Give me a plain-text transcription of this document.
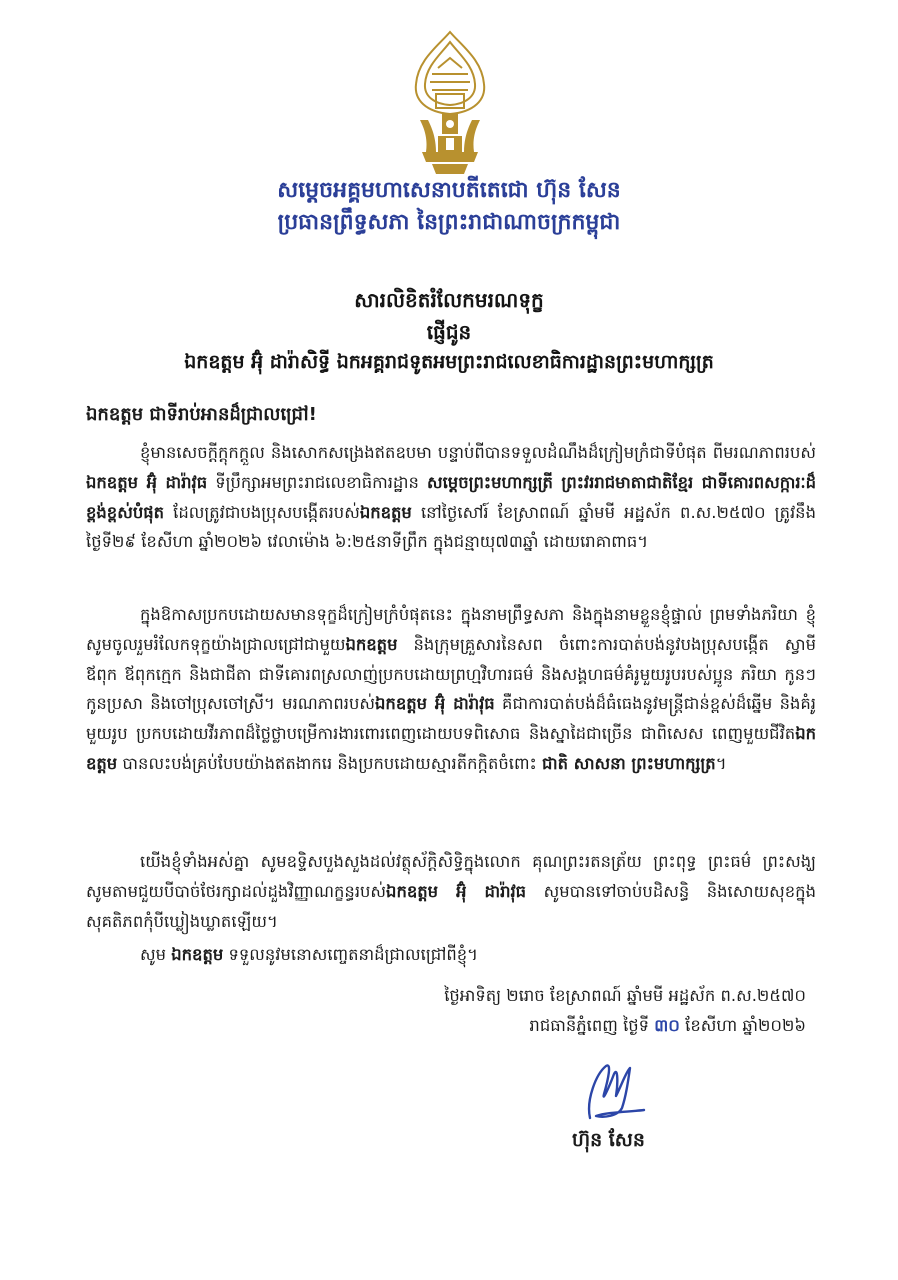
សម្តេចអគ្គមហាសេនាបតីតេជោ ហ៊ុន សែន
ប្រធានព្រឹទ្ធសភា នៃព្រះរាជាណាចក្រកម្ពុជា
សារលិខិតរំលែកមរណទុក្ខ
ផ្ញើជូន
ឯកឧត្តម អ៊ុំ ដារ៉ាសិទ្ធី ឯកអគ្គរាជទូតអមព្រះរាជលេខាធិការដ្ឋានព្រះមហាក្សត្រ
ឯកឧត្តម ជាទីរាប់អានដ៏ជ្រាលជ្រៅ!
ខ្ញុំមានសេចក្តីក្តុកក្តួល និងសោកសង្រេងឥតឧបមា បន្ទាប់ពីបានទទួលដំណឹងដ៏ក្រៀមក្រំជាទីបំផុត ពីមរណភាពរបស់ឯកឧត្តម អ៊ុំ ដារ៉ាវុធ ទីប្រឹក្សាអមព្រះរាជលេខាធិការដ្ឋាន សម្តេចព្រះមហាក្សត្រី ព្រះវររាជមាតាជាតិខ្មែរ ជាទីគោរពសក្ការៈដ៏ខ្ពង់ខ្ពស់បំផុត ដែលត្រូវជាបងប្រុសបង្កើតរបស់ឯកឧត្តម នៅថ្ងៃសៅរ៍ ខែស្រាពណ៍ ឆ្នាំមមី អដ្ឋស័ក ព.ស.២៥៧០ ត្រូវនឹងថ្ងៃទី២៩ ខែសីហា ឆ្នាំ២០២៦ វេលាម៉ោង ៦:២៥នាទីព្រឹក ក្នុងជន្មាយុ៧៣ឆ្នាំ ដោយរោគាពាធ។
ក្នុងឱកាសប្រកបដោយសមានទុក្ខដ៏ក្រៀមក្រំបំផុតនេះ ក្នុងនាមព្រឹទ្ធសភា និងក្នុងនាមខ្លួនខ្ញុំផ្ទាល់ ព្រមទាំងភរិយា ខ្ញុំសូមចូលរួមរំលែកទុក្ខយ៉ាងជ្រាលជ្រៅជាមួយឯកឧត្តម និងក្រុមគ្រួសារនៃសព ចំពោះការបាត់បង់នូវបងប្រុសបង្កើត ស្វាមី ឪពុក ឪពុកក្មេក និងជាជីតា ជាទីគោរពស្រលាញ់ប្រកបដោយព្រហ្មវិហារធម៌ និងសង្គហធម៌គំរូមួយរូបរបស់ប្អូន ភរិយា កូនៗ កូនប្រសា និងចៅប្រុសចៅស្រី។ មរណភាពរបស់ឯកឧត្តម អ៊ុំ ដារ៉ាវុធ គឺជាការបាត់បង់ដ៏ធំធេងនូវមន្ត្រីជាន់ខ្ពស់ដ៏ឆ្នើម និងគំរូមួយរូប ប្រកបដោយវីរភាពដ៏ថ្លៃថ្លាបម្រើការងារពោរពេញដោយបទពិសោធ និងស្នាដៃជាច្រើន ជាពិសេស ពេញមួយជីវិតឯកឧត្តម បានលះបង់គ្រប់បែបយ៉ាងឥតងាករេ និងប្រកបដោយស្មារតីកក្កិតចំពោះ ជាតិ សាសនា ព្រះមហាក្សត្រ។
យើងខ្ញុំទាំងអស់គ្នា សូមឧទ្ទិសបួងសួងដល់វត្ថុស័ក្តិសិទ្ធិក្នុងលោក គុណព្រះរតនត្រ័យ ព្រះពុទ្ធ ព្រះធម៌ ព្រះសង្ឃ សូមតាមជួយបីបាច់ថែរក្សាដល់ដួងវិញ្ញាណក្ខន្ធរបស់ឯកឧត្តម អ៊ុំ ដារ៉ាវុធ សូមបានទៅចាប់បដិសន្ធិ និងសោយសុខក្នុងសុគតិភពកុំបីឃ្លៀងឃ្លាតឡើយ។
សូម ឯកឧត្តម ទទួលនូវមនោសញ្ចេតនាដ៏ជ្រាលជ្រៅពីខ្ញុំ។
ថ្ងៃអាទិត្យ ២រោច ខែស្រាពណ៍ ឆ្នាំមមី អដ្ឋស័ក ព.ស.២៥៧០
រាជធានីភ្នំពេញ ថ្ងៃទី ៣០ ខែសីហា ឆ្នាំ២០២៦
ហ៊ុន សែន
